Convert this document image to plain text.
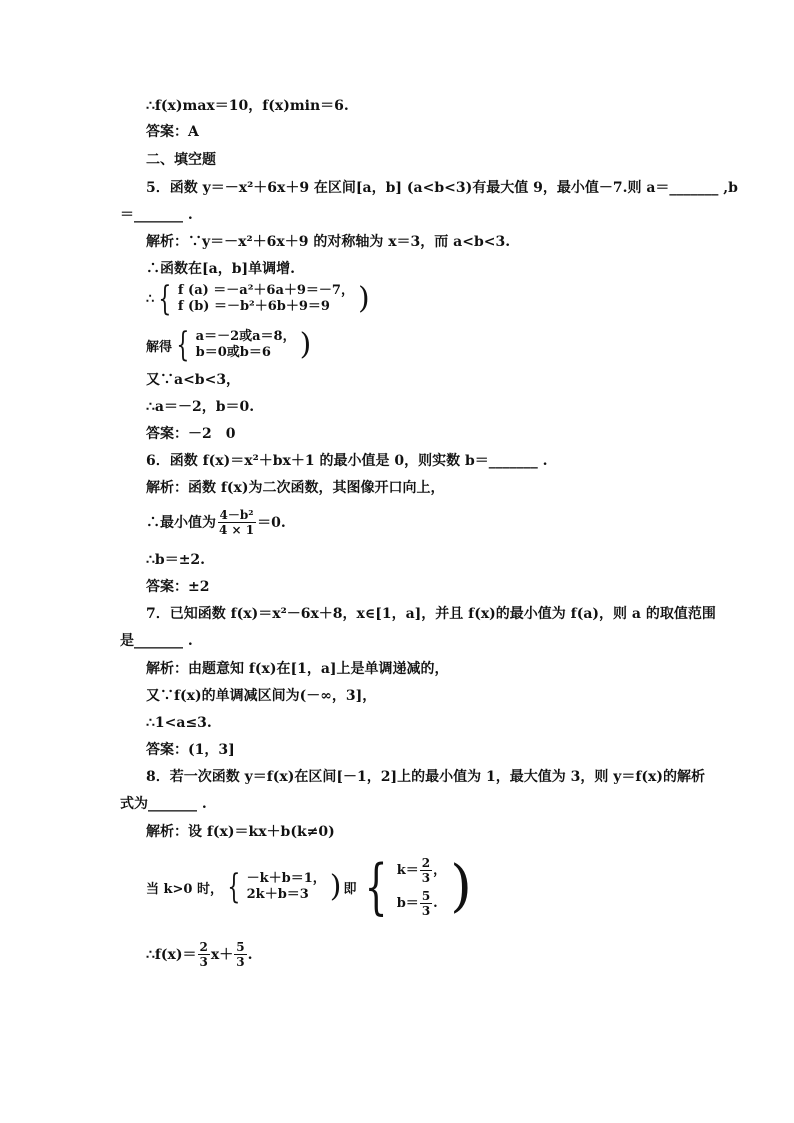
∴f(x)max＝10，f(x)min＝6.
答案：A
二、填空题
5．函数 y＝－x²＋6x＋9 在区间[a，b] (a<b<3)有最大值 9，最小值－7.则 a＝_______ ,b
＝_______ .
解析：∵y＝－x²＋6x＋9 的对称轴为 x＝3，而 a<b<3.
∴函数在[a，b]单调增.
∴ { f (a) ＝－a²＋6a＋9＝－7，
f (b) ＝－b²＋6b＋9＝9 )
解得 { a＝－2或a＝8，
b＝0或b＝6 )
又∵a<b<3，
∴a＝－2，b＝0.
答案：－2　0
6．函数 f(x)＝x²＋bx＋1 的最小值是 0，则实数 b＝_______ .
解析：函数 f(x)为二次函数，其图像开口向上，
∴最小值为 $\frac{\text{4－b²}}{4 \times 1} =0$.
∴b＝±2.
答案：±2
7．已知函数 f(x)＝x²－6x＋8，x∈[1，a]，并且 f(x)的最小值为 f(a)，则 a 的取值范围
是_______ .
解析：由题意知 f(x)在[1，a]上是单调递减的，
又∵f(x)的单调减区间为(－∞，3]，
∴1<a≤3.
答案：(1，3]
8．若一次函数 y＝f(x)在区间[－1，2]上的最小值为 1，最大值为 3，则 y＝f(x)的解析
式为_______ .
解析：设 f(x)＝kx＋b(k≠0)
当 k>0 时， { －k＋b＝1，
2k＋b＝3 ) 即 { $k= \frac{2}{3}$ ，
$b= \frac{5}{3}$ . )
∴f(x)＝ $\frac{2}{3} x+ \frac{5}{3}$ .
